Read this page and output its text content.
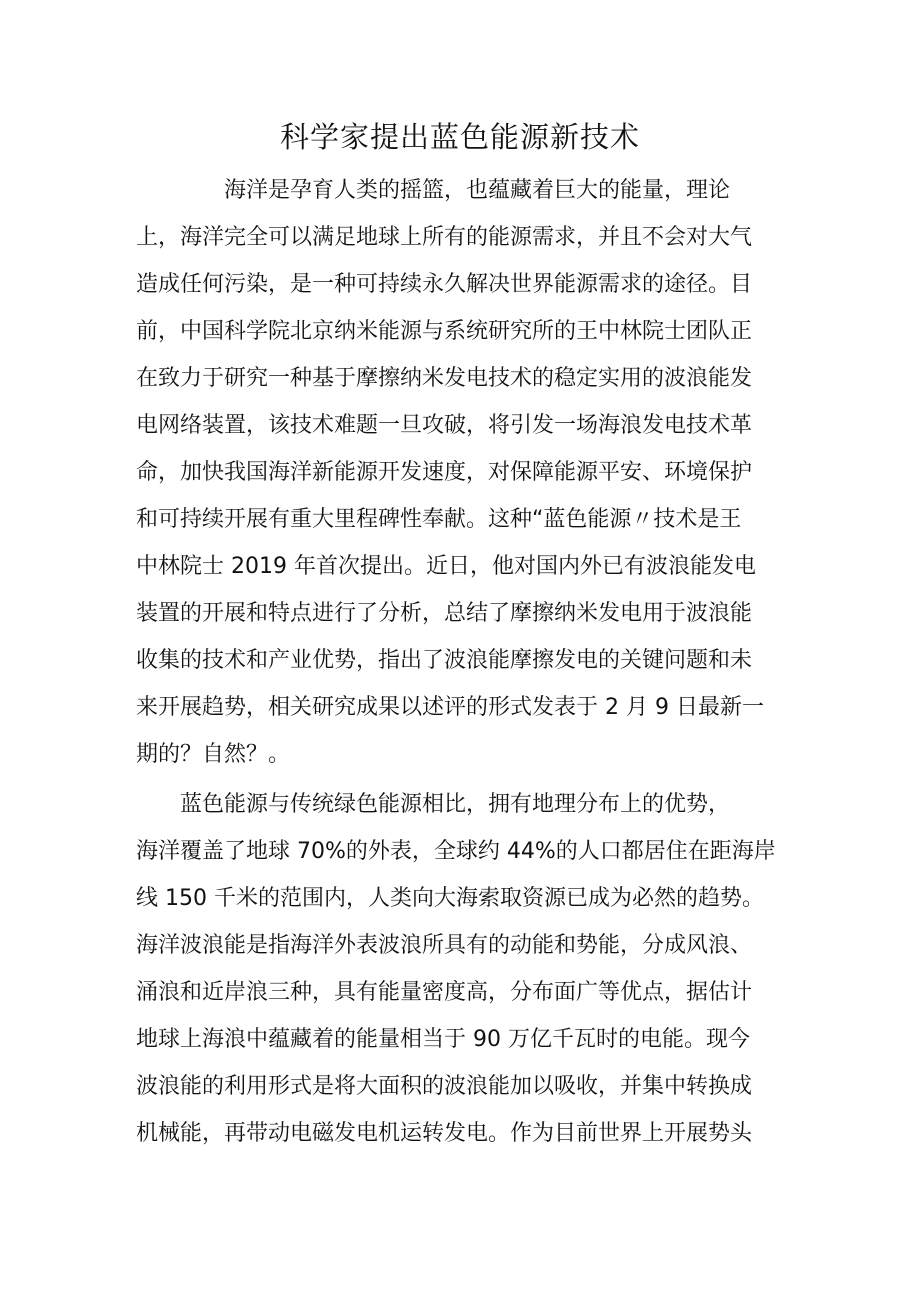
科学家提出蓝色能源新技术
　　　　海洋是孕育人类的摇篮，也蕴藏着巨大的能量，理论
上，海洋完全可以满足地球上所有的能源需求，并且不会对大气
造成任何污染，是一种可持续永久解决世界能源需求的途径。目
前，中国科学院北京纳米能源与系统研究所的王中林院士团队正
在致力于研究一种基于摩擦纳米发电技术的稳定实用的波浪能发
电网络装置，该技术难题一旦攻破，将引发一场海浪发电技术革
命，加快我国海洋新能源开发速度，对保障能源平安、环境保护
和可持续开展有重大里程碑性奉献。这种“蓝色能源〃技术是王
中林院士 2019 年首次提出。近日，他对国内外已有波浪能发电
装置的开展和特点进行了分析，总结了摩擦纳米发电用于波浪能
收集的技术和产业优势，指出了波浪能摩擦发电的关键问题和未
来开展趋势，相关研究成果以述评的形式发表于 2 月 9 日最新一
期的？自然？。
　　蓝色能源与传统绿色能源相比，拥有地理分布上的优势，
海洋覆盖了地球 70%的外表，全球约 44%的人口都居住在距海岸
线 150 千米的范围内，人类向大海索取资源已成为必然的趋势。
海洋波浪能是指海洋外表波浪所具有的动能和势能，分成风浪、
涌浪和近岸浪三种，具有能量密度高，分布面广等优点，据估计
地球上海浪中蕴藏着的能量相当于 90 万亿千瓦时的电能。现今
波浪能的利用形式是将大面积的波浪能加以吸收，并集中转换成
机械能，再带动电磁发电机运转发电。作为目前世界上开展势头
